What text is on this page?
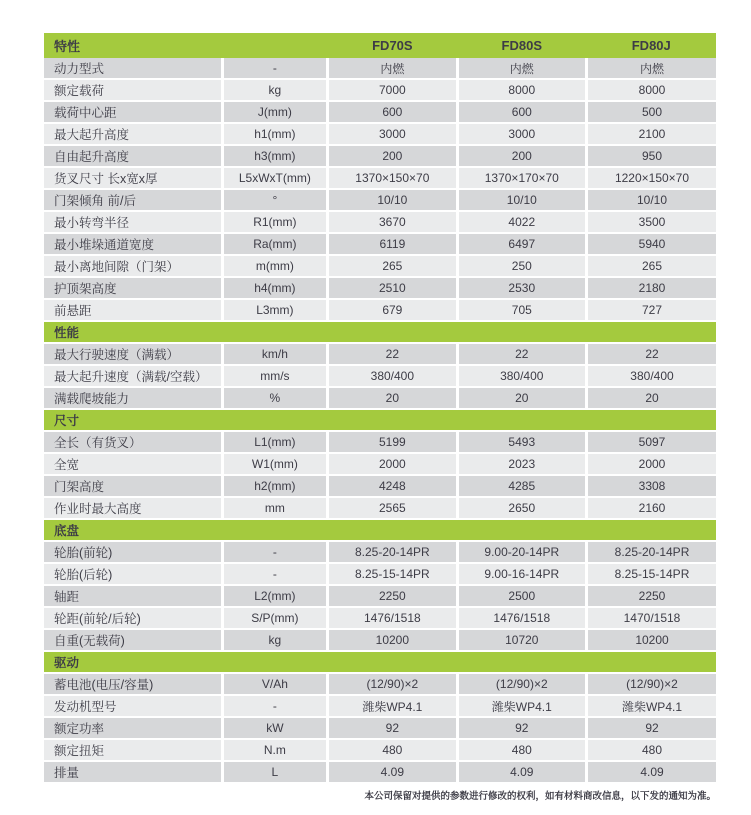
特性		FD70S	FD80S	FD80J
动力型式	-	内燃	内燃	内燃
额定载荷	kg	7000	8000	8000
载荷中心距	J(mm)	600	600	500
最大起升高度	h1(mm)	3000	3000	2100
自由起升高度	h3(mm)	200	200	950
货叉尺寸 长x宽x厚	L5xWxT(mm)	1370×150×70	1370×170×70	1220×150×70
门架倾角 前/后	°	10/10	10/10	10/10
最小转弯半径	R1(mm)	3670	4022	3500
最小堆垛通道宽度	Ra(mm)	6119	6497	5940
最小离地间隙（门架）	m(mm)	265	250	265
护顶架高度	h4(mm)	2510	2530	2180
前悬距	L3mm)	679	705	727
性能				
最大行驶速度（满载）	km/h	22	22	22
最大起升速度（满载/空载）	mm/s	380/400	380/400	380/400
满载爬坡能力	%	20	20	20
尺寸				
全长（有货叉）	L1(mm)	5199	5493	5097
全宽	W1(mm)	2000	2023	2000
门架高度	h2(mm)	4248	4285	3308
作业时最大高度	mm	2565	2650	2160
底盘				
轮胎(前轮)	-	8.25-20-14PR	9.00-20-14PR	8.25-20-14PR
轮胎(后轮)	-	8.25-15-14PR	9.00-16-14PR	8.25-15-14PR
轴距	L2(mm)	2250	2500	2250
轮距(前轮/后轮)	S/P(mm)	1476/1518	1476/1518	1470/1518
自重(无载荷)	kg	10200	10720	10200
驱动				
蓄电池(电压/容量)	V/Ah	(12/90)×2	(12/90)×2	(12/90)×2
发动机型号	-	潍柴WP4.1	潍柴WP4.1	潍柴WP4.1
额定功率	kW	92	92	92
额定扭矩	N.m	480	480	480
排量	L	4.09	4.09	4.09
本公司保留对提供的参数进行修改的权利，如有材料商改信息，以下发的通知为准。
